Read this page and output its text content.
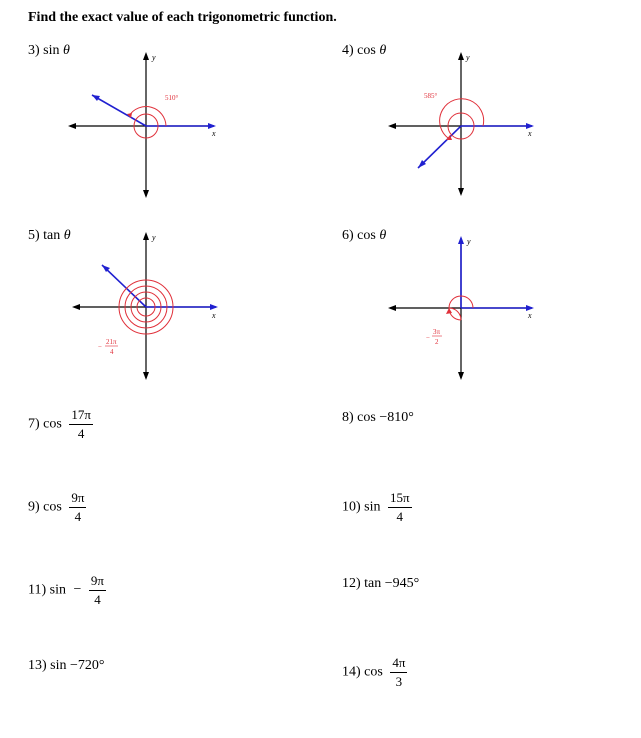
Find the exact value of each trigonometric function.
3) sin θ	y
x
510°
4) cos θ	y
x
585°
5) tan θ	y
x
−
21π
4
6) cos θ	y
x
−
3π
2
7) $\cos \frac{17\pi}{4}$	8) cos −810°
9) $\cos \frac{9\pi}{4}$	10) $\sin \frac{15\pi}{4}$
11) $\sin - \frac{9\pi}{4}$	12) tan −945°
13) sin −720°	14) $\cos \frac{4\pi}{3}$
